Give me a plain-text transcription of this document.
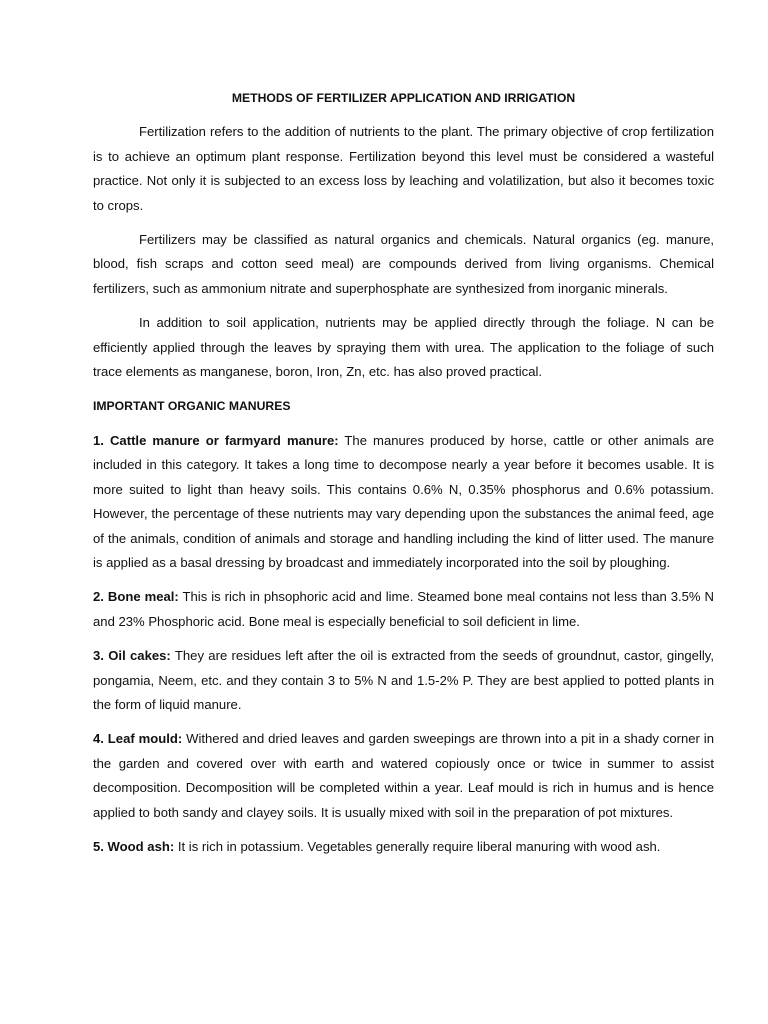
METHODS OF FERTILIZER APPLICATION AND IRRIGATION

Fertilization refers to the addition of nutrients to the plant. The primary objective of crop fertilization is to achieve an optimum plant response. Fertilization beyond this level must be considered a wasteful practice. Not only it is subjected to an excess loss by leaching and volatilization, but also it becomes toxic to crops.

Fertilizers may be classified as natural organics and chemicals. Natural organics (eg. manure, blood, fish scraps and cotton seed meal) are compounds derived from living organisms. Chemical fertilizers, such as ammonium nitrate and superphosphate are synthesized from inorganic minerals.

In addition to soil application, nutrients may be applied directly through the foliage. N can be efficiently applied through the leaves by spraying them with urea. The application to the foliage of such trace elements as manganese, boron, Iron, Zn, etc. has also proved practical.

IMPORTANT ORGANIC MANURES

1. Cattle manure or farmyard manure: The manures produced by horse, cattle or other animals are included in this category. It takes a long time to decompose nearly a year before it becomes usable. It is more suited to light than heavy soils. This contains 0.6% N, 0.35% phosphorus and 0.6% potassium. However, the percentage of these nutrients may vary depending upon the substances the animal feed, age of the animals, condition of animals and storage and handling including the kind of litter used. The manure is applied as a basal dressing by broadcast and immediately incorporated into the soil by ploughing.

2. Bone meal: This is rich in phsophoric acid and lime. Steamed bone meal contains not less than 3.5% N and 23% Phosphoric acid. Bone meal is especially beneficial to soil deficient in lime.

3. Oil cakes: They are residues left after the oil is extracted from the seeds of groundnut, castor, gingelly, pongamia, Neem, etc. and they contain 3 to 5% N and 1.5-2% P. They are best applied to potted plants in the form of liquid manure.

4. Leaf mould: Withered and dried leaves and garden sweepings are thrown into a pit in a shady corner in the garden and covered over with earth and watered copiously once or twice in summer to assist decomposition. Decomposition will be completed within a year. Leaf mould is rich in humus and is hence applied to both sandy and clayey soils. It is usually mixed with soil in the preparation of pot mixtures.

5. Wood ash: It is rich in potassium. Vegetables generally require liberal manuring with wood ash.
